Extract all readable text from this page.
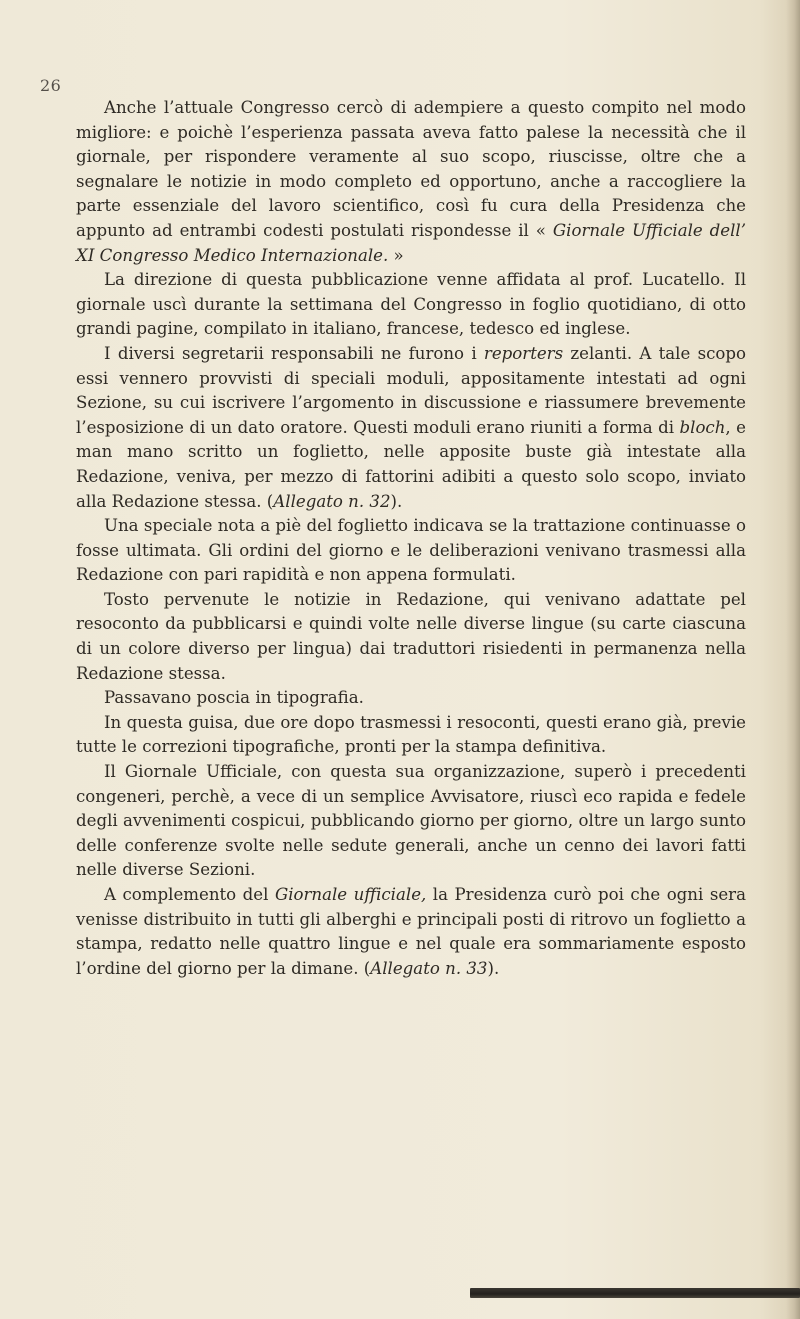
26

Anche l’attuale Congresso cercò di adempiere a questo compito nel modo migliore: e poichè l’esperienza passata aveva fatto palese la necessità che il giornale, per rispondere veramente al suo scopo, riuscisse, oltre che a segnalare le notizie in modo completo ed opportuno, anche a raccogliere la parte essenziale del lavoro scientifico, così fu cura della Presidenza che appunto ad entrambi codesti postulati rispondesse il « Giornale Ufficiale dell’ XI Congresso Medico Internazionale. »

La direzione di questa pubblicazione venne affidata al prof. Lucatello. Il giornale uscì durante la settimana del Congresso in foglio quotidiano, di otto grandi pagine, compilato in italiano, francese, tedesco ed inglese.

I diversi segretarii responsabili ne furono i reporters zelanti. A tale scopo essi vennero provvisti di speciali moduli, appositamente intestati ad ogni Sezione, su cui iscrivere l’argomento in discussione e riassumere brevemente l’esposizione di un dato oratore. Questi moduli erano riuniti a forma di bloch, e man mano scritto un foglietto, nelle apposite buste già intestate alla Redazione, veniva, per mezzo di fattorini adibiti a questo solo scopo, inviato alla Redazione stessa. (Allegato n. 32).

Una speciale nota a piè del foglietto indicava se la trattazione continuasse o fosse ultimata. Gli ordini del giorno e le deliberazioni venivano trasmessi alla Redazione con pari rapidità e non appena formulati.

Tosto pervenute le notizie in Redazione, qui venivano adattate pel resoconto da pubblicarsi e quindi volte nelle diverse lingue (su carte ciascuna di un colore diverso per lingua) dai traduttori risiedenti in permanenza nella Redazione stessa.

Passavano poscia in tipografia.

In questa guisa, due ore dopo trasmessi i resoconti, questi erano già, previe tutte le correzioni tipografiche, pronti per la stampa definitiva.

Il Giornale Ufficiale, con questa sua organizzazione, superò i precedenti congeneri, perchè, a vece di un semplice Avvisatore, riuscì eco rapida e fedele degli avvenimenti cospicui, pubblicando giorno per giorno, oltre un largo sunto delle conferenze svolte nelle sedute generali, anche un cenno dei lavori fatti nelle diverse Sezioni.

A complemento del Giornale ufficiale, la Presidenza curò poi che ogni sera venisse distribuito in tutti gli alberghi e principali posti di ritrovo un foglietto a stampa, redatto nelle quattro lingue e nel quale era sommariamente esposto l’ordine del giorno per la dimane. (Allegato n. 33).
